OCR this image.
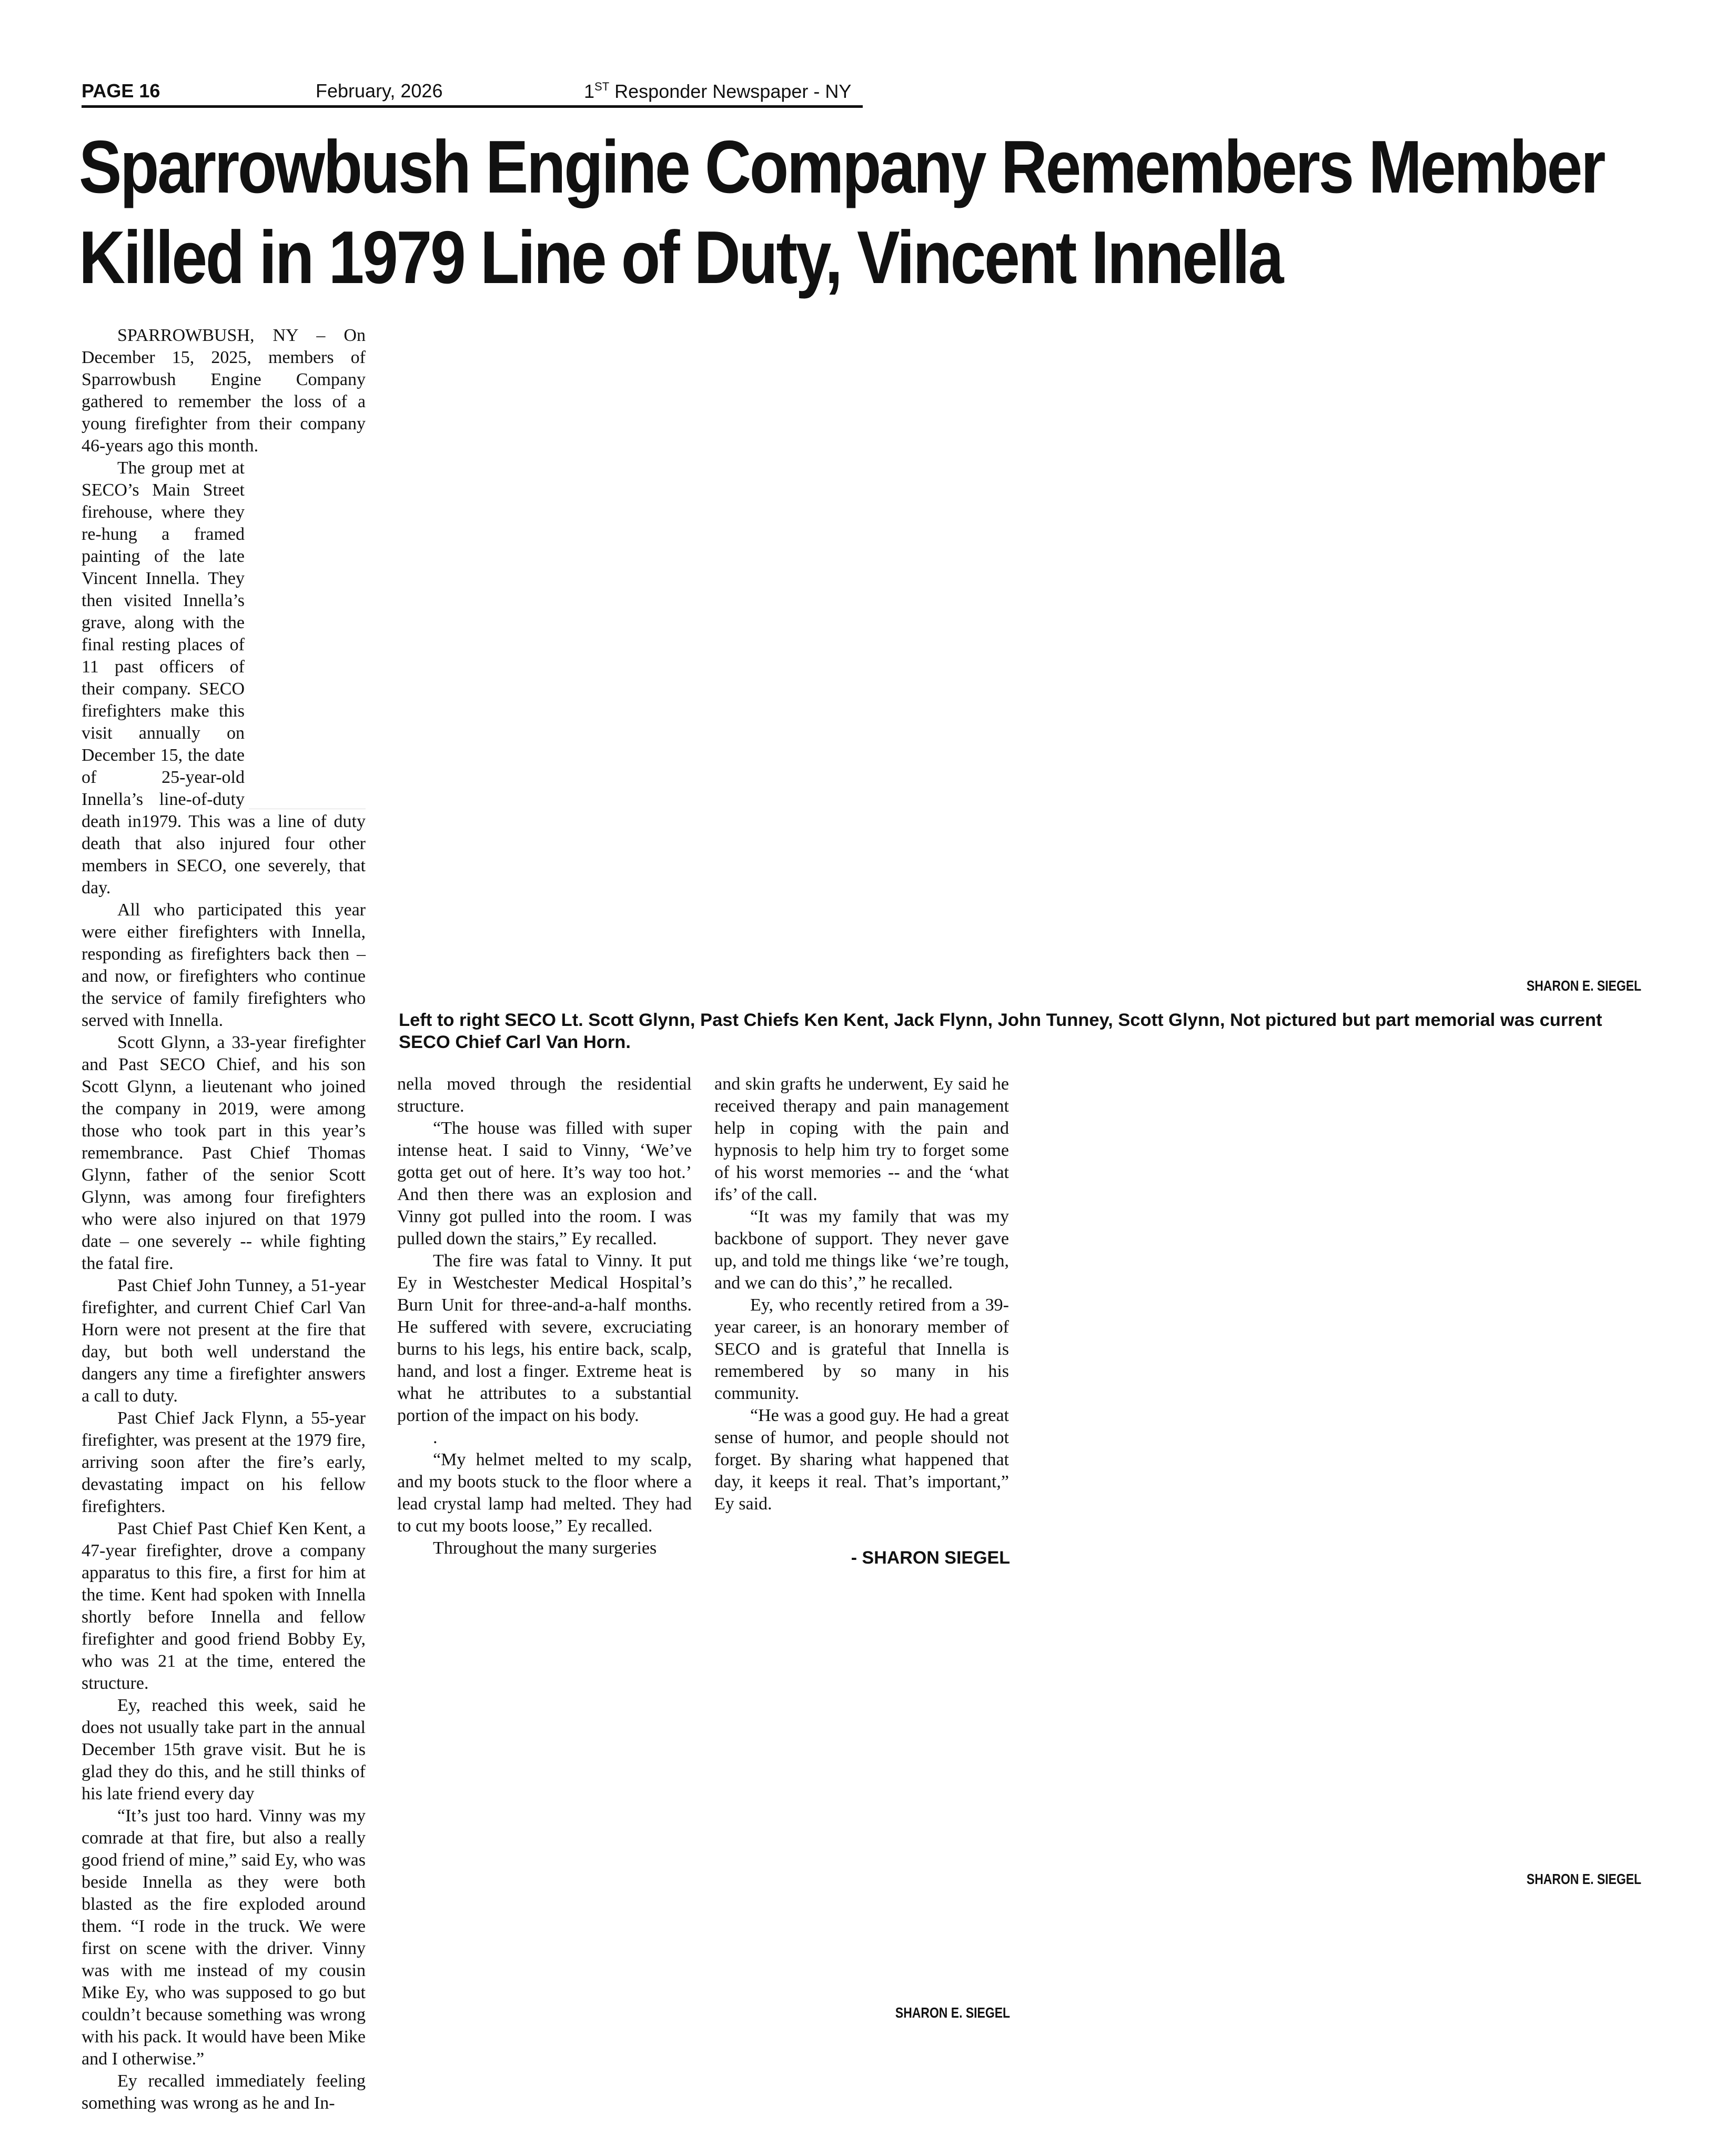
PAGE 16	February, 2026	1ST Responder Newspaper - NY
Sparrowbush Engine Company Remembers Member
Killed in 1979 Line of Duty, Vincent Innella
SHARON E. SIEGEL
SHARON E. SIEGEL
SHARON E. SIEGEL
Left to right SECO Lt. Scott Glynn, Past Chiefs Ken Kent, Jack Flynn, John Tunney, Scott Glynn, Not pictured but part memorial was current SECO Chief Carl Van Horn.

SPARROWBUSH, NY – On December 15, 2025, members of Sparrowbush Engine Company gathered to remember the loss of a young firefighter from their company 46-years ago this month.

The group met at SECO’s Main Street firehouse, where they re-hung a framed painting of the late Vincent Innella. They then visited Innella’s grave, along with the final resting places of 11 past officers of their company. SECO firefighters make this visit annually on December 15, the date of 25-year-old Innella’s line-of-duty death in1979. This was a line of duty death that also injured four other members in SECO, one severely, that day.

All who participated this year were either firefighters with Innella, responding as firefighters back then – and now, or firefighters who continue the service of family firefighters who served with Innella.

Scott Glynn, a 33-year firefighter and Past SECO Chief, and his son Scott Glynn, a lieutenant who joined the company in 2019, were among those who took part in this year’s remembrance. Past Chief Thomas Glynn, father of the senior Scott Glynn, was among four firefighters who were also injured on that 1979 date – one severely -- while fighting the fatal fire.

Past Chief John Tunney, a 51-year firefighter, and current Chief Carl Van Horn were not present at the fire that day, but both well understand the dangers any time a firefighter answers a call to duty.

Past Chief Jack Flynn, a 55-year firefighter, was present at the 1979 fire, arriving soon after the fire’s early, devastating impact on his fellow firefighters.

Past Chief Past Chief Ken Kent, a 47-year firefighter, drove a company apparatus to this fire, a first for him at the time. Kent had spoken with Innella shortly before Innella and fellow firefighter and good friend Bobby Ey, who was 21 at the time, entered the structure.

Ey, reached this week, said he does not usually take part in the annual December 15th grave visit. But he is glad they do this, and he still thinks of his late friend every day

“It’s just too hard. Vinny was my comrade at that fire, but also a really good friend of mine,” said Ey, who was beside Innella as they were both blasted as the fire exploded around them. “I rode in the truck. We were first on scene with the driver. Vinny was with me instead of my cousin Mike Ey, who was supposed to go but couldn’t because something was wrong with his pack. It would have been Mike and I otherwise.”

Ey recalled immediately feeling something was wrong as he and In-

nella moved through the residential structure.

“The house was filled with super intense heat. I said to Vinny, ‘We’ve gotta get out of here. It’s way too hot.’ And then there was an explosion and Vinny got pulled into the room. I was pulled down the stairs,” Ey recalled.

The fire was fatal to Vinny. It put Ey in Westchester Medical Hospital’s Burn Unit for three-and-a-half months. He suffered with severe, excruciating burns to his legs, his entire back, scalp, hand, and lost a finger. Extreme heat is what he attributes to a substantial portion of the impact on his body.

.

“My helmet melted to my scalp, and my boots stuck to the floor where a lead crystal lamp had melted. They had to cut my boots loose,” Ey recalled.

Throughout the many surgeries

and skin grafts he underwent, Ey said he received therapy and pain management help in coping with the pain and hypnosis to help him try to forget some of his worst memories -- and the ‘what ifs’ of the call.

“It was my family that was my backbone of support. They never gave up, and told me things like ‘we’re tough, and we can do this’,” he recalled.

Ey, who recently retired from a 39-year career, is an honorary member of SECO and is grateful that Innella is remembered by so many in his community.

“He was a good guy. He had a great sense of humor, and people should not forget. By sharing what happened that day, it keeps it real. That’s important,” Ey said.

- SHARON SIEGEL
